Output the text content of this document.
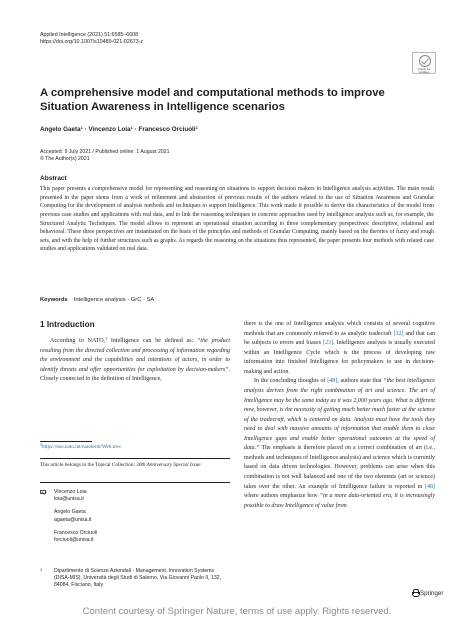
Applied Intelligence (2021) 51:6585–6608
https://doi.org/10.1007/s10489-021-02673-z
Check for
updates
A comprehensive model and computational methods to improve Situation Awareness in Intelligence scenarios
Angelo Gaeta$^1$ · Vincenzo Loia$^1$ · Francesco Orciuoli$^1$
Accepted: 9 July 2021 / Published online: 1 August 2021
© The Author(s) 2021
Abstract
This paper presents a comprehensive model for representing and reasoning on situations to support decision makers in Intelligence analysis activities. The main result presented in the paper stems from a work of refinement and abstraction of previous results of the authors related to the use of Situation Awareness and Granular Computing for the development of analysis methods and techniques to support Intelligence. This work made it possible to derive the characteristics of the model from previous case studies and applications with real data, and to link the reasoning techniques to concrete approaches used by intelligence analysts such as, for example, the Structured Analytic Techniques. The model allows to represent an operational situation according to three complementary perspectives: descriptive, relational and behavioral. These three perspectives are instantiated on the basis of the principles and methods of Granular Computing, mainly based on the theories of fuzzy and rough sets, and with the help of further structures such as graphs. As regards the reasoning on the situations thus represented, the paper presents four methods with related case studies and applications validated on real data.
Keywords Intelligence analysis · GrC · SA
1 Introduction

According to NATO,$^1$ Intelligence can be defined as: “the product resulting from the directed collection and processing of information regarding the environment and the capabilities and intentions of actors, in order to identify threats and offer opportunities for exploitation by decision-makers”. Closely connected to the definition of Intelligence,

$^1$https://nso.nato.int/natoterm/Web.mvc
This article belongs to the Topical Collection: 30th Anniversary Special Issue
Vincenzo Loia
loia@unisa.it
Angelo Gaeta
agaeta@unisa.it
Francesco Orciuoli
forciuoli@unisa.it
1	Dipartimento di Scienze Aziendali - Management, Innovation Systems (DISA-MIS), Università degli Studi di Salerno, Via Giovanni Paolo II, 132, 84084, Fisciano, Italy

there is the one of Intelligence analysis which consists of several cognitive methods that are commonly referred to as analytic tradecraft [32] and that can be subjects to errors and biases [23]. Intelligence analysis is usually executed within an Intelligence Cycle which is the process of developing raw information into finished Intelligence for policymakers to use in decision-making and action.

In the concluding thoughts of [48], authors state that “the best intelligence analysis derives from the right combination of art and science. The art of Intelligence may be the same today as it was 2,000 years ago. What is different now, however, is the necessity of getting much better much faster at the science of the tradecraft, which is centered on data. Analysts must have the tools they need to deal with massive amounts of information that enable them to close Intelligence gaps and enable better operational outcomes at the speed of data.” The emphasis is therefore placed on a correct combination of art (i.e., methods and techniques of Intelligence analysis) and science which is currently based on data driven technologies. However, problems can arise when this combination is not well balanced and one of the two elements (art or science) takes over the other. An example of Intelligence failure is reported in [48] where authors emphasize how “in a more data-oriented era, it is increasingly possible to draw Intelligence of value from

Springer
Content courtesy of Springer Nature, terms of use apply. Rights reserved.
